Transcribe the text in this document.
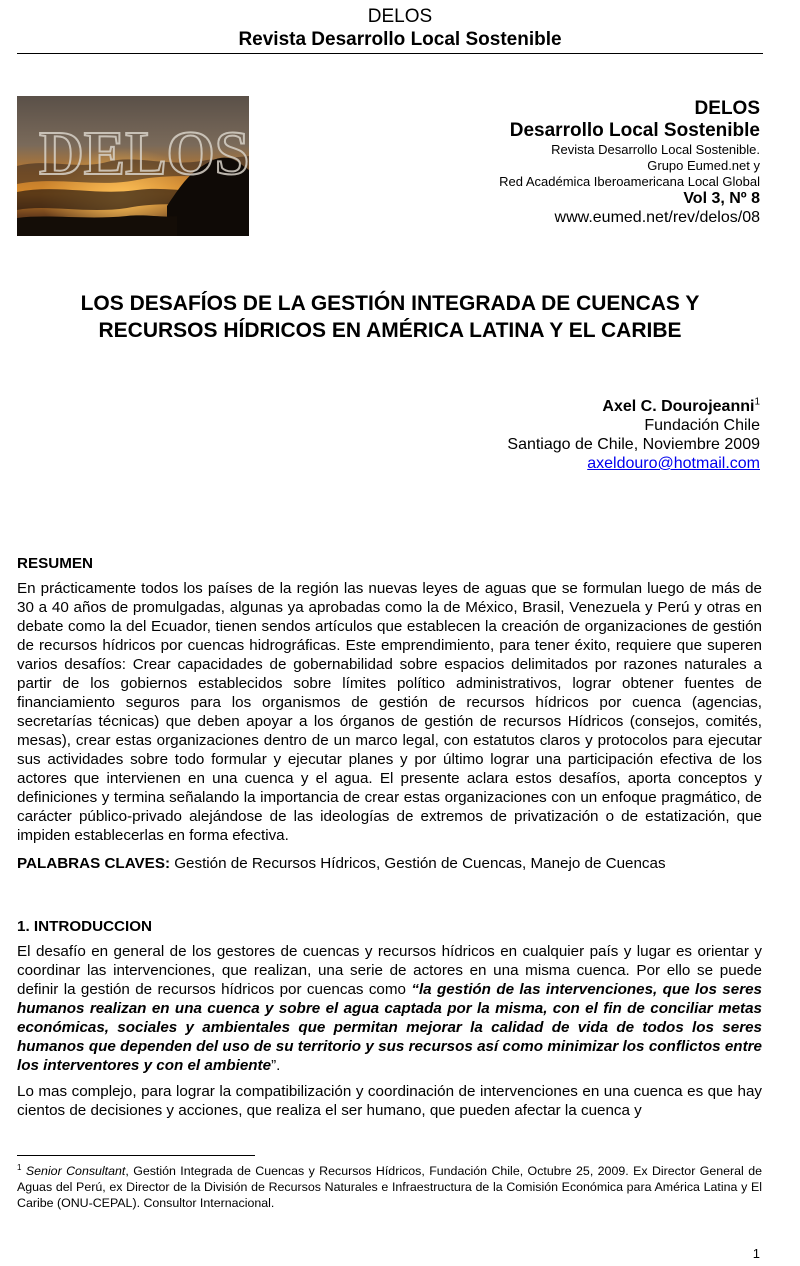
DELOS
Revista Desarrollo Local Sostenible
DELOS
DELOS
Desarrollo Local Sostenible
Revista Desarrollo Local Sostenible.
Grupo Eumed.net y
Red Académica Iberoamericana Local Global
Vol 3, Nº 8
www.eumed.net/rev/delos/08
LOS DESAFÍOS DE LA GESTIÓN INTEGRADA DE CUENCAS Y
RECURSOS HÍDRICOS EN AMÉRICA LATINA Y EL CARIBE
Axel C. Dourojeanni$^1$
Fundación Chile
Santiago de Chile, Noviembre 2009
axeldouro@hotmail.com
RESUMEN

En prácticamente todos los países de la región las nuevas leyes de aguas que se formulan luego de más de 30 a 40 años de promulgadas, algunas ya aprobadas como la de México, Brasil, Venezuela y Perú y otras en debate como la del Ecuador, tienen sendos artículos que establecen la creación de organizaciones de gestión de recursos hídricos por cuencas hidrográficas. Este emprendimiento, para tener éxito, requiere que superen varios desafíos: Crear capacidades de gobernabilidad sobre espacios delimitados por razones naturales a partir de los gobiernos establecidos sobre límites político administrativos, lograr obtener fuentes de financiamiento seguros para los organismos de gestión de recursos hídricos por cuenca (agencias, secretarías técnicas) que deben apoyar a los órganos de gestión de recursos Hídricos (consejos, comités, mesas), crear estas organizaciones dentro de un marco legal, con estatutos claros y protocolos para ejecutar sus actividades sobre todo formular y ejecutar planes y por último lograr una participación efectiva de los actores que intervienen en una cuenca y el agua. El presente aclara estos desafíos, aporta conceptos y definiciones y termina señalando la importancia de crear estas organizaciones con un enfoque pragmático, de carácter público-privado alejándose de las ideologías de extremos de privatización o de estatización, que impiden establecerlas en forma efectiva.

PALABRAS CLAVES: Gestión de Recursos Hídricos, Gestión de Cuencas, Manejo de Cuencas

1. INTRODUCCION

El desafío en general de los gestores de cuencas y recursos hídricos en cualquier país y lugar es orientar y coordinar las intervenciones, que realizan, una serie de actores en una misma cuenca. Por ello se puede definir la gestión de recursos hídricos por cuencas como “la gestión de las intervenciones, que los seres humanos realizan en una cuenca y sobre el agua captada por la misma, con el fin de conciliar metas económicas, sociales y ambientales que permitan mejorar la calidad de vida de todos los seres humanos que dependen del uso de su territorio y sus recursos así como minimizar los conflictos entre los interventores y con el ambiente”.

Lo mas complejo, para lograr la compatibilización y coordinación de intervenciones en una cuenca es que hay cientos de decisiones y acciones, que realiza el ser humano, que pueden afectar la cuenca y

$^1$ Senior Consultant, Gestión Integrada de Cuencas y Recursos Hídricos, Fundación Chile, Octubre 25, 2009. Ex Director General de Aguas del Perú, ex Director de la División de Recursos Naturales e Infraestructura de la Comisión Económica para América Latina y El Caribe (ONU-CEPAL). Consultor Internacional.
1
